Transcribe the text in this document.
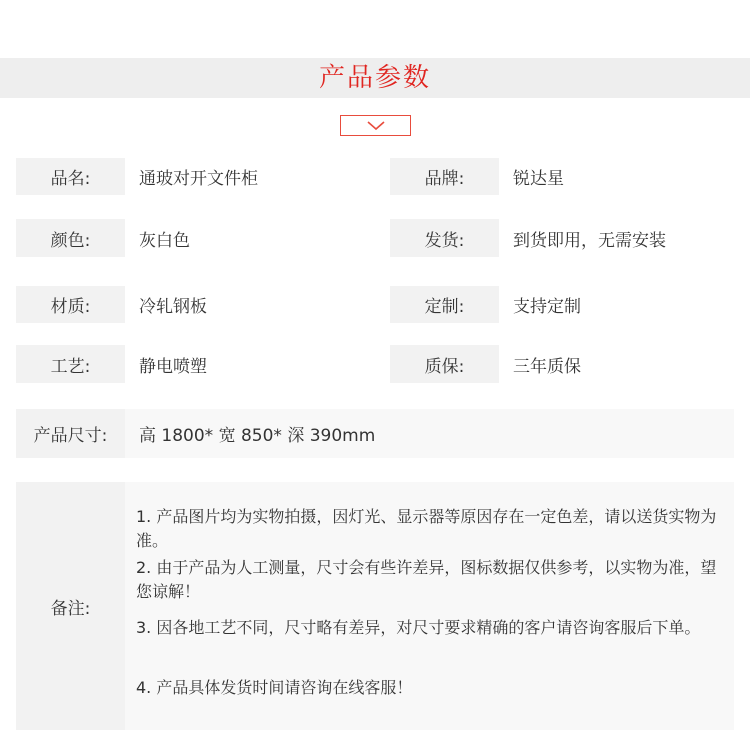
产品参数
品名:	通玻对开文件柜	品牌:	锐达星
颜色:	灰白色	发货:	到货即用，无需安装
材质:	冷轧钢板	定制:	支持定制
工艺:	静电喷塑	质保:	三年质保
产品尺寸:	高 1800* 宽 850* 深 390mm
备注:
1. 产品图片均为实物拍摄，因灯光、显示器等原因存在一定色差，请以送货实物为准。
2. 由于产品为人工测量，尺寸会有些许差异，图标数据仅供参考，以实物为准，望您谅解！
3. 因各地工艺不同，尺寸略有差异，对尺寸要求精确的客户请咨询客服后下单。
4. 产品具体发货时间请咨询在线客服！
